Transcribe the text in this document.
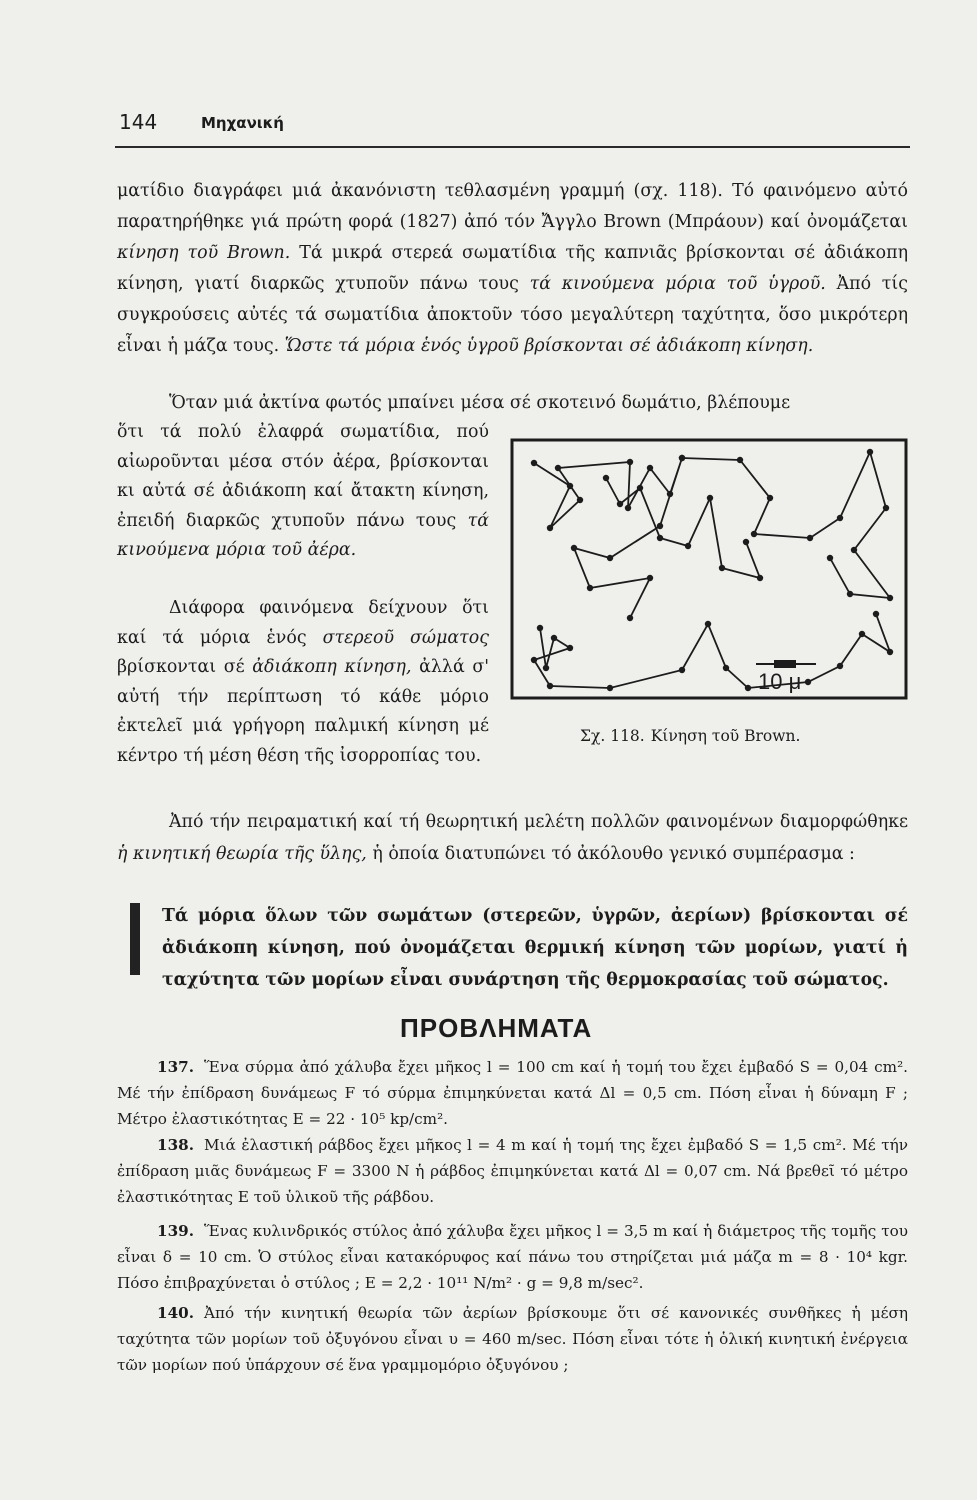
144	Μηχανική

ματίδιο διαγράφει μιά ἀκανόνιστη τεθλασμένη γραμμή (σχ. 118). Τό φαινόμενο αὐτό παρατηρήθηκε γιά πρώτη φορά (1827) ἀπό τόν Ἄγγλο Brown (Μπράουν) καί ὀνομάζεται κίνηση τοῦ Brown. Τά μικρά στερεά σωματίδια τῆς καπνιᾶς βρίσκονται σέ ἀδιάκοπη κίνηση, γιατί διαρκῶς χτυποῦν πάνω τους τά κινούμενα μόρια τοῦ ὑγροῦ. Ἀπό τίς συγκρούσεις αὐτές τά σωματίδια ἀποκτοῦν τόσο μεγαλύτερη ταχύτητα, ὅσο μικρότερη εἶναι ἡ μάζα τους. Ὥστε τά μόρια ἑνός ὑγροῦ βρίσκονται σέ ἀδιάκοπη κίνηση.

Ὅταν μιά ἀκτίνα φωτός μπαίνει μέσα σέ σκοτεινό δωμάτιο, βλέπουμε

ὅτι τά πολύ ἐλαφρά σωματίδια, πού αἰωροῦνται μέσα στόν ἀέρα, βρίσκονται κι αὐτά σέ ἀδιάκοπη καί ἄτακτη κίνηση, ἐπειδή διαρκῶς χτυποῦν πάνω τους τά κινούμενα μόρια τοῦ ἀέρα.
Διάφορα φαινόμενα δείχνουν ὅτι καί τά μόρια ἑνός στερεοῦ σώματος βρίσκονται σέ ἀδιάκοπη κίνηση, ἀλλά σ' αὐτή τήν περίπτωση τό κάθε μόριο ἐκτελεῖ μιά γρήγορη παλμική κίνηση μέ κέντρο τή μέση θέση τῆς ἰσορροπίας του.
10 μ
Σχ. 118. Κίνηση τοῦ Brown.

Ἀπό τήν πειραματική καί τή θεωρητική μελέτη πολλῶν φαινομένων διαμορφώθηκε ἡ κινητική θεωρία τῆς ὕλης, ἡ ὁποία διατυπώνει τό ἀκόλουθο γενικό συμπέρασμα :

Τά μόρια ὅλων τῶν σωμάτων (στερεῶν, ὑγρῶν, ἀερίων) βρίσκονται σέ ἀδιάκοπη κίνηση, πού ὀνομάζεται θερμική κίνηση τῶν μορίων, γιατί ἡ ταχύτητα τῶν μορίων εἶναι συνάρτηση τῆς θερμοκρασίας τοῦ σώματος.
ΠΡΟΒΛΗΜΑΤΑ
137. Ἕνα σύρμα ἀπό χάλυβα ἔχει μῆκος l = 100 cm καί ἡ τομή του ἔχει ἐμβαδό S = 0,04 cm². Μέ τήν ἐπίδραση δυνάμεως F τό σύρμα ἐπιμηκύνεται κατά Δl = 0,5 cm. Πόση εἶναι ἡ δύναμη F ; Μέτρο ἐλαστικότητας E = 22 · 10⁵ kp/cm².
138. Μιά ἐλαστική ράβδος ἔχει μῆκος l = 4 m καί ἡ τομή της ἔχει ἐμβαδό S = 1,5 cm². Μέ τήν ἐπίδραση μιᾶς δυνάμεως F = 3300 N ἡ ράβδος ἐπιμηκύνεται κατά Δl = 0,07 cm. Νά βρεθεῖ τό μέτρο ἐλαστικότητας E τοῦ ὑλικοῦ τῆς ράβδου.
139. Ἕνας κυλινδρικός στύλος ἀπό χάλυβα ἔχει μῆκος l = 3,5 m καί ἡ διάμετρος τῆς τομῆς του εἶναι δ = 10 cm. Ὁ στύλος εἶναι κατακόρυφος καί πάνω του στηρίζεται μιά μάζα m = 8 · 10⁴ kgr. Πόσο ἐπιβραχύνεται ὁ στύλος ; E = 2,2 · 10¹¹ N/m² · g = 9,8 m/sec².
140. Ἀπό τήν κινητική θεωρία τῶν ἀερίων βρίσκουμε ὅτι σέ κανονικές συνθῆκες ἡ μέση ταχύτητα τῶν μορίων τοῦ ὀξυγόνου εἶναι υ = 460 m/sec. Πόση εἶναι τότε ἡ ὁλική κινητική ἐνέργεια τῶν μορίων πού ὑπάρχουν σέ ἕνα γραμμομόριο ὀξυγόνου ;
